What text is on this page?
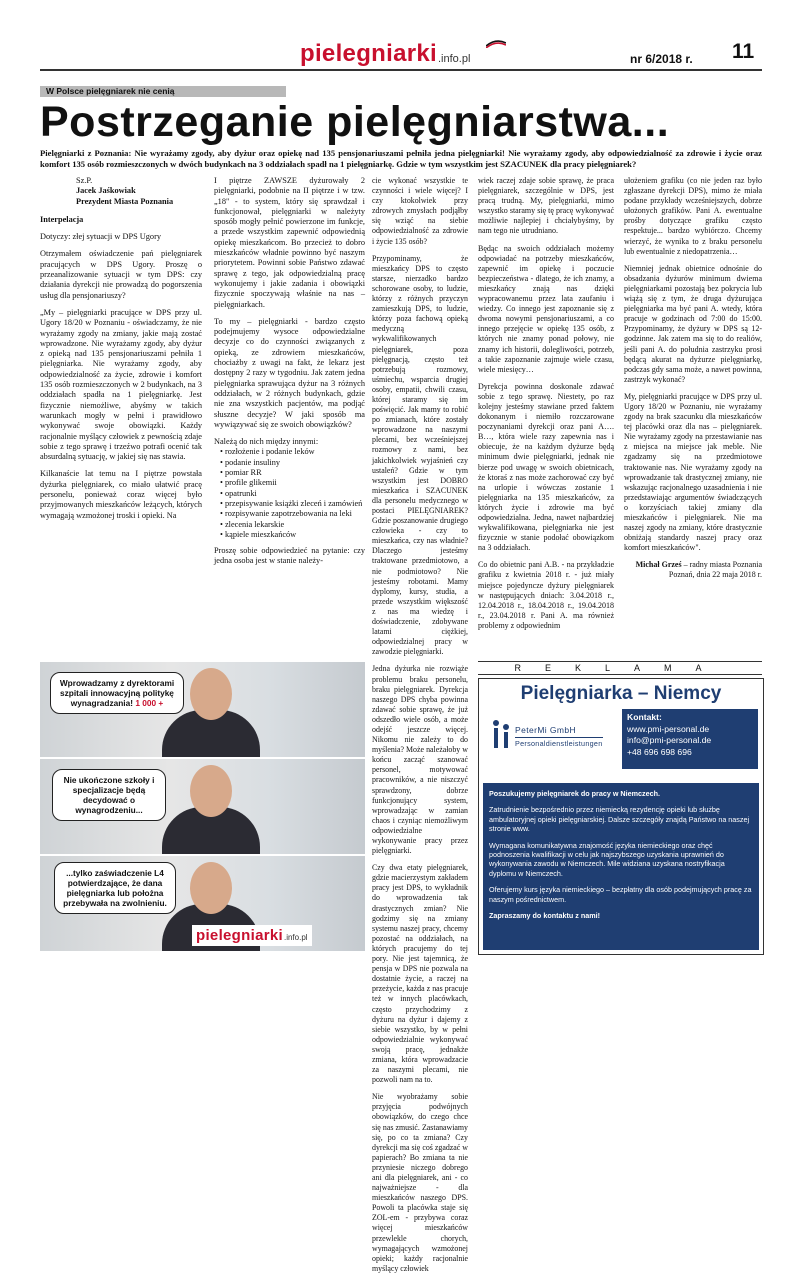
pielegniarki .info.pl	nr 6/2018 r. 11
W Polsce pielęgniarek nie cenią
Postrzeganie pielęgniarstwa...
Pielęgniarki z Poznania: Nie wyrażamy zgody, aby dyżur oraz opiekę nad 135 pensjonariuszami pełniła jedna pielęgniarki! Nie wyrażamy zgody, aby odpowiedzialność za zdrowie i życie oraz komfort 135 osób rozmieszczonych w dwóch budynkach na 3 oddziałach spadł na 1 pielęgniarkę. Gdzie w tym wszystkim jest SZACUNEK dla pracy pielęgniarek?
Sz.P.

Jacek Jaśkowiak
Prezydent Miasta Poznania

Interpelacja

Dotyczy: złej sytuacji w DPS Ugory

Otrzymałem oświadczenie pań pielęgniarek pracujących w DPS Ugory. Proszę o przeanalizowanie sytuacji w tym DPS: czy działania dyrekcji nie prowadzą do pogorszenia usług dla pensjonariuszy?

„My – pielęgniarki pracujące w DPS przy ul. Ugory 18/20 w Poznaniu - oświadczamy, że nie wyrażamy zgody na zmiany, jakie mają zostać wprowadzone. Nie wyrażamy zgody, aby dyżur z opieką nad 135 pensjonariuszami pełniła 1 pielęgniarka. Nie wyrażamy zgody, aby odpowiedzialność za życie, zdrowie i komfort 135 osób rozmieszczonych w 2 budynkach, na 3 oddziałach spadła na 1 pielęgniarkę. Jest fizycznie niemożliwe, abyśmy w takich warunkach mogły w pełni i prawidłowo wykonywać swoje obowiązki. Każdy racjonalnie myślący człowiek z pewnością zdaje sobie z tego sprawę i trzeźwo potrafi ocenić tak absurdalną sytuację, w jakiej się nas stawia.

Kilkanaście lat temu na I piętrze powstała dyżurka pielęgniarek, co miało ułatwić pracę personelu, ponieważ coraz więcej było przyjmowanych mieszkańców leżących, których wymagają wzmożonej troski i opieki. Na

I piętrze ZAWSZE dyżurowały 2 pielęgniarki, podobnie na II piętrze i w tzw. „18" - to system, który się sprawdzał i funkcjonował, pielęgniarki w należyty sposób mogły pełnić powierzone im funkcje, a przede wszystkim zapewnić odpowiednią opiekę mieszkańcom. Bo przecież to dobro mieszkańców władnie powinno być naszym priorytetem. Powinni sobie Państwo zdawać sprawę z tego, jak odpowiedzialną pracę wykonujemy i jakie zadania i obowiązki fizycznie spoczywają właśnie na nas – pielęgniarkach.

To my – pielęgniarki - bardzo często podejmujemy wysoce odpowiedzialne decyzje co do czynności związanych z opieką, ze zdrowiem mieszkańców, chociażby z uwagi na fakt, że lekarz jest dostępny 2 razy w tygodniu. Jak zatem jedna pielęgniarka sprawująca dyżur na 3 różnych oddziałach, w 2 różnych budynkach, gdzie nie zna wszystkich pacjentów, ma podjąć słuszne decyzje? W jaki sposób ma wywiązywać się ze swoich obowiązków?

Należą do nich między innymi:

• rozłożenie i podanie leków
• podanie insuliny
• pomiar RR
• profile glikemii
• opatrunki
• przepisywanie książki zleceń i zamówień
• rozpisywanie zapotrzebowania na leki
• zlecenia lekarskie
• kąpiele mieszkańców

Proszę sobie odpowiedzieć na pytanie: czy jedna osoba jest w stanie należy-

cie wykonać wszystkie te czynności i wiele więcej? I czy ktokolwiek przy zdrowych zmysłach podjąłby się wziąć na siebie odpowiedzialność za zdrowie i życie 135 osób?

Przypominamy, że mieszkańcy DPS to często starsze, nierzadko bardzo schorowane osoby, to ludzie, którzy z różnych przyczyn zamieszkują DPS, to ludzie, którzy poza fachową opieką medyczną wykwalifikowanych pielęgniarek, poza pielęgnacją, często też potrzebują rozmowy, uśmiechu, wsparcia drugiej osoby, empatii, chwili czasu, której staramy się im poświęcić. Jak mamy to robić po zmianach, które zostały wprowadzone na naszymi plecami, bez wcześniejszej rozmowy z nami, bez jakichkolwiek wyjaśnień czy ustaleń? Gdzie w tym wszystkim jest DOBRO mieszkańca i SZACUNEK dla personelu medycznego w postaci PIELĘGNIAREK? Gdzie poszanowanie drugiego człowieka - czy to mieszkańca, czy nas władnie? Dlaczego jesteśmy traktowane przedmiotowo, a nie podmiotowo? Nie jesteśmy robotami. Mamy dyplomy, kursy, studia, a przede wszystkim większość z nas ma wiedzę i doświadczenie, zdobywane latami ciężkiej, odpowiedzialnej pracy w zawodzie pielęgniarki.

Jedna dyżurka nie rozwiąże problemu braku personelu, braku pielęgniarek. Dyrekcja naszego DPS chyba powinna zdawać sobie sprawę, że już odszedło wiele osób, a może odejść jeszcze więcej. Nikomu nie zależy to do myślenia? Może należałoby w końcu zacząć szanować personel, motywować pracowników, a nie niszczyć sprawdzony, dobrze funkcjonujący system, wprowadzając w zamian chaos i czyniąc niemożliwym odpowiedzialne wykonywanie pracy przez pielęgniarki.

Czy dwa etaty pielęgniarek, gdzie macierzystym zakładem pracy jest DPS, to wykładnik do wprowadzenia tak drastycznych zmian? Nie godzimy się na zmiany systemu naszej pracy, chcemy pozostać na oddziałach, na których pracujemy do tej pory. Nie jest tajemnicą, że pensja w DPS nie pozwala na dostatnie życie, a raczej na przeżycie, każda z nas pracuje też w innych placówkach, często przychodzimy z dyżuru na dyżur i dajemy z siebie wszystko, by w pełni odpowiedzialnie wykonywać swoją pracę, jednakże zmiana, która wprowadzacie za naszymi plecami, nie pozwoli nam na to.

Nie wyobrażamy sobie przyjęcia podwójnych obowiązków, do czego chce się nas zmusić. Zastanawiamy się, po co ta zmiana? Czy dyrekcji ma się coś zgadzać w papierach? Bo zmiana ta nie przyniesie niczego dobrego ani dla pielęgniarek, ani - co najważniejsze - dla mieszkańców naszego DPS. Powoli ta placówka staje się ZOL-em - przybywa coraz więcej mieszkańców przewlekle chorych, wymagających wzmożonej opieki; każdy racjonalnie myślący człowiek

wiek raczej zdaje sobie sprawę, że praca pielęgniarek, szczególnie w DPS, jest pracą trudną. My, pielęgniarki, mimo wszystko staramy się tę pracę wykonywać możliwie najlepiej i chciałybyśmy, by nam tego nie utrudniano.

Będąc na swoich oddziałach możemy odpowiadać na potrzeby mieszkańców, zapewnić im opiekę i poczucie bezpieczeństwa - dlatego, że ich znamy, a mieszkańcy znają nas dzięki wypracowanemu przez lata zaufaniu i wiedzy. Co innego jest zapoznanie się z dwoma nowymi pensjonariuszami, a co innego przejęcie w opiekę 135 osób, z których nie znamy ponad połowy, nie znamy ich historii, dolegliwości, potrzeb, a takie zapoznanie zajmuje wiele czasu, wiele miesięcy…

Dyrekcja powinna doskonale zdawać sobie z tego sprawę. Niestety, po raz kolejny jesteśmy stawiane przed faktem dokonanym i niemiło rozczarowane poczynaniami dyrekcji oraz pani A…. B…, która wiele razy zapewnia nas i obiecuje, że na każdym dyżurze będą minimum dwie pielęgniarki, jednak nie bierze pod uwagę w swoich obietnicach, że ktoraś z nas może zachorować czy być na urlopie i wówczas zostanie 1 pielęgniarka na 135 mieszkańców, za których życie i zdrowie ma być odpowiedzialna. Jedna, nawet najbardziej wykwalifikowana, pielęgniarka nie jest fizycznie w stanie podołać obowiązkom na 3 oddziałach.

Co do obietnic pani A.B. - na przykładzie grafiku z kwietnia 2018 r. - już miały miejsce pojedyncze dyżury pielęgniarek w następujących dniach: 3.04.2018 r., 12.04.2018 r., 18.04.2018 r., 19.04.2018 r., 23.04.2018 r. Pani A. ma również problemy z odpowiednim

ułożeniem grafiku (co nie jeden raz było zgłaszane dyrekcji DPS), mimo że miała podane przykłady wcześniejszych, dobrze ułożonych grafików. Pani A. ewentualne prośby dotyczące grafiku często respektuje... bardzo wybiórczo. Chcemy wierzyć, że wynika to z braku personelu lub ewentualnie z niedopatrzenia…

Niemniej jednak obietnice odnośnie do obsadzania dyżurów minimum dwiema pielęgniarkami pozostają bez pokrycia lub wiążą się z tym, że druga dyżurująca pielęgniarka ma być pani A. wtedy, która pracuje w godzinach od 7:00 do 15:00. Przypominamy, że dyżury w DPS są 12-godzinne. Jak zatem ma się to do realiów, jeśli pani A. do południa zastrzyku prosi będącą akurat na dyżurze pielęgniarkę, podczas gdy sama może, a nawet powinna, zastrzyk wykonać?

My, pielęgniarki pracujące w DPS przy ul. Ugory 18/20 w Poznaniu, nie wyrażamy zgody na brak szacunku dla mieszkańców tej placówki oraz dla nas – pielęgniarek. Nie wyrażamy zgody na przestawianie nas z miejsca na miejsce jak meble. Nie zgadzamy się na przedmiotowe traktowanie nas. Nie wyrażamy zgody na wprowadzanie tak drastycznej zmiany, nie wskazując racjonalnego uzasadnienia i nie przedstawiając argumentów świadczących o korzyściach takiej zmiany dla mieszkańców i pielęgniarek. Nie ma naszej zgody na zmiany, które drastycznie obniżają standardy naszej pracy oraz komfort mieszkańców".

Michał Grześ – radny miasta Poznania

Poznań, dnia 22 maja 2018 r.

Wprowadzamy z dyrektorami szpitali innowacyjną politykę wynagradzania! 1 000 +
Nie ukończone szkoły i specjalizacje będą decydować o wynagrodzeniu...
...tylko zaświadczenie L4 potwierdzające, że dana pielęgniarka lub położna przebywała na zwolnieniu.
pielegniarki .info.pl
REKLAMA
Pielęgniarka – Niemcy
PeterMi GmbH
Personaldienstleistungen
Kontakt:
www.pmi-personal.de
info@pmi-personal.de
+48 696 698 696

Poszukujemy pielęgniarek do pracy w Niemczech.

Zatrudnienie bezpośrednio przez niemiecką rezydencję opieki lub służbę ambulatoryjnej opieki pielęgniarskiej. Dalsze szczegóły znajdą Państwo na naszej stronie www.

Wymagana komunikatywna znajomość języka niemieckiego oraz chęć podnoszenia kwalifikacji w celu jak najszybszego uzyskania uprawnień do wykonywania zawodu w Niemczech. Mile widziana uzyskana nostryfikacja dyplomu w Niemczech.

Oferujemy kurs języka niemieckiego – bezpłatny dla osób podejmujących pracę za naszym pośrednictwem.

Zapraszamy do kontaktu z nami!
